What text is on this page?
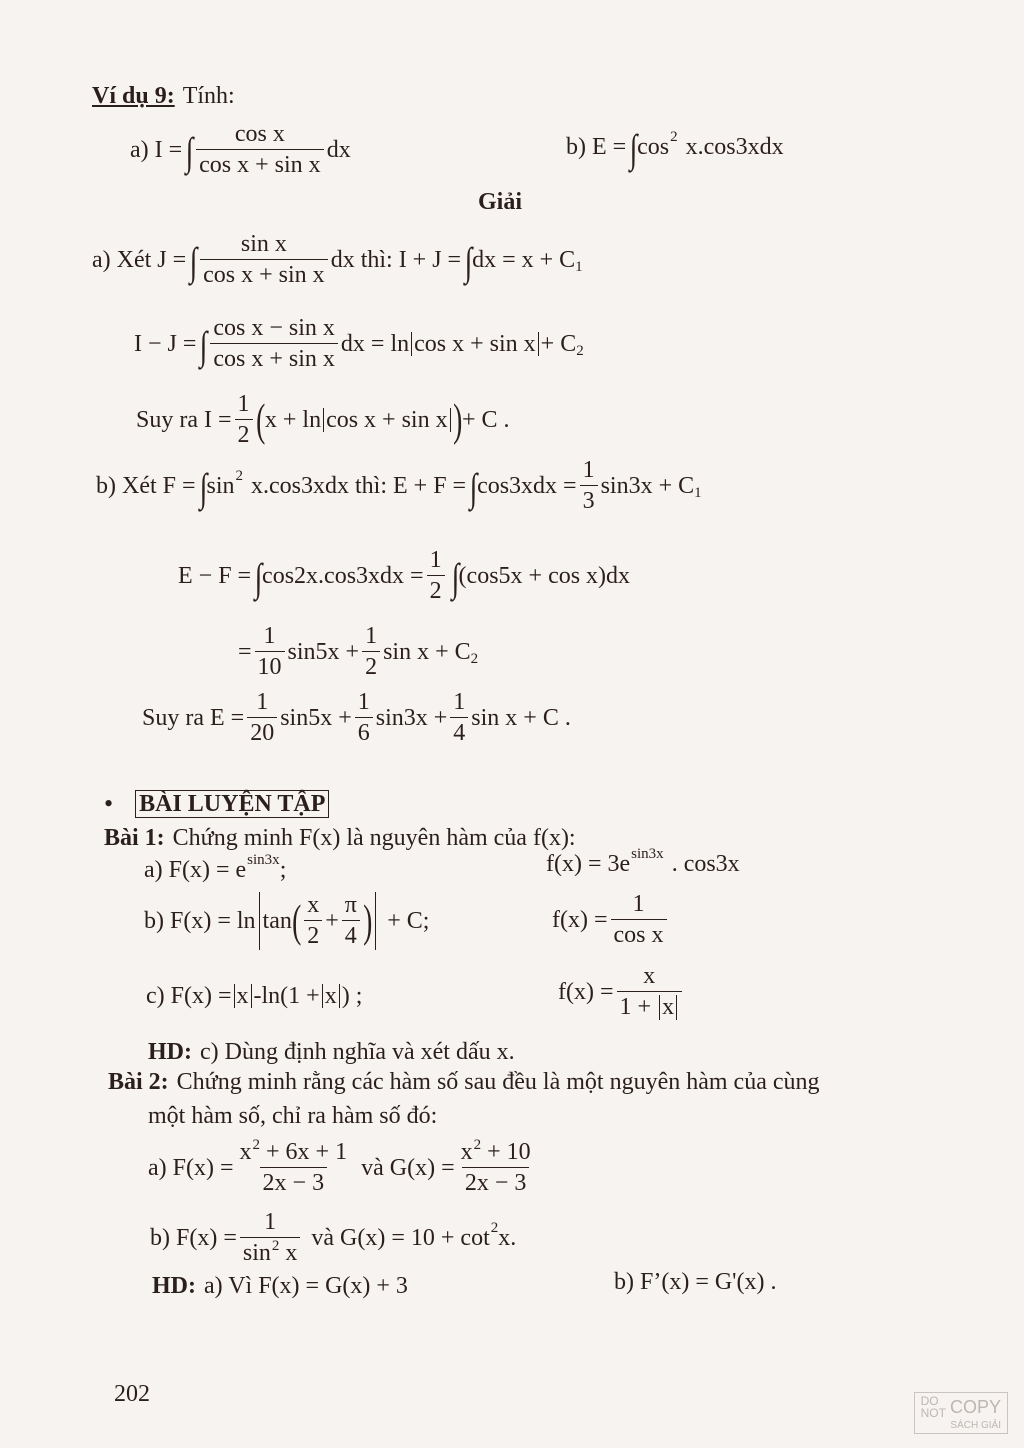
Ví dụ 9: Tính:
a) I = ∫ $\frac{\text{cos x}}{\text{cos x + sin x}}$ dx	b) E = ∫ cos 2 x.cos3xdx
Giải
a) Xét J = ∫ $\frac{\text{sin x}}{\text{cos x + sin x}}$ dx thì: I + J = ∫ dx = x + C 1
I − J = ∫ $\frac{\text{cos x − sin x}}{\text{cos x + sin x}}$ dx = ln cos x + sin x + C 2
Suy ra $I = \frac{1}{2}$ ( x + ln cos x + sin x ) + C .
b) Xét F = ∫ sin 2 x.cos3xdx thì: E + F = ∫ $\cos 3xdx = \frac{1}{3} \sin 3x + C$ 1
E − F = ∫ $\cos 2x.\cos 3xdx = \frac{1}{2}$ ∫ (cos5x + cos x)dx
= $\frac{1}{10} \sin 5x + \frac{1}{2}$ sin x + C 2
Suy ra $E = \frac{1}{20} \sin 5x + \frac{1}{6} \sin 3x + \frac{1}{4}$ sin x + C .
• BÀI LUYỆN TẬP
Bài 1: Chứng minh F(x) là nguyên hàm của f(x):
a) F(x) = e sin3x ;	f(x) = 3e sin3x . cos3x
b) F(x) = ln tan ( $\frac{x}{2} + \frac{\pi}{4}$ ) + C;	$f(x) = \frac{1}{\text{cos x}}$
c) F(x) = x -ln(1 + x ) ;	$f(x) = \frac{x}{1 + x}$
HD: c) Dùng định nghĩa và xét dấu x.
Bài 2: Chứng minh rằng các hàm số sau đều là một nguyên hàm của cùng
một hàm số, chỉ ra hàm số đó:
a) $F(x) = \frac{x^2 + 6x + 1}{2x - 3}$ và $G(x) = \frac{x^2 + 10}{2x - 3}$
b) $F(x) = \frac{1}{\sin^2 x}$ và G(x) = 10 + cot 2 x.
HD: a) Vì F(x) = G(x) + 3	b) F’(x) = G'(x) .
202	DO
NOT COPY
SÁCH GIẢI
